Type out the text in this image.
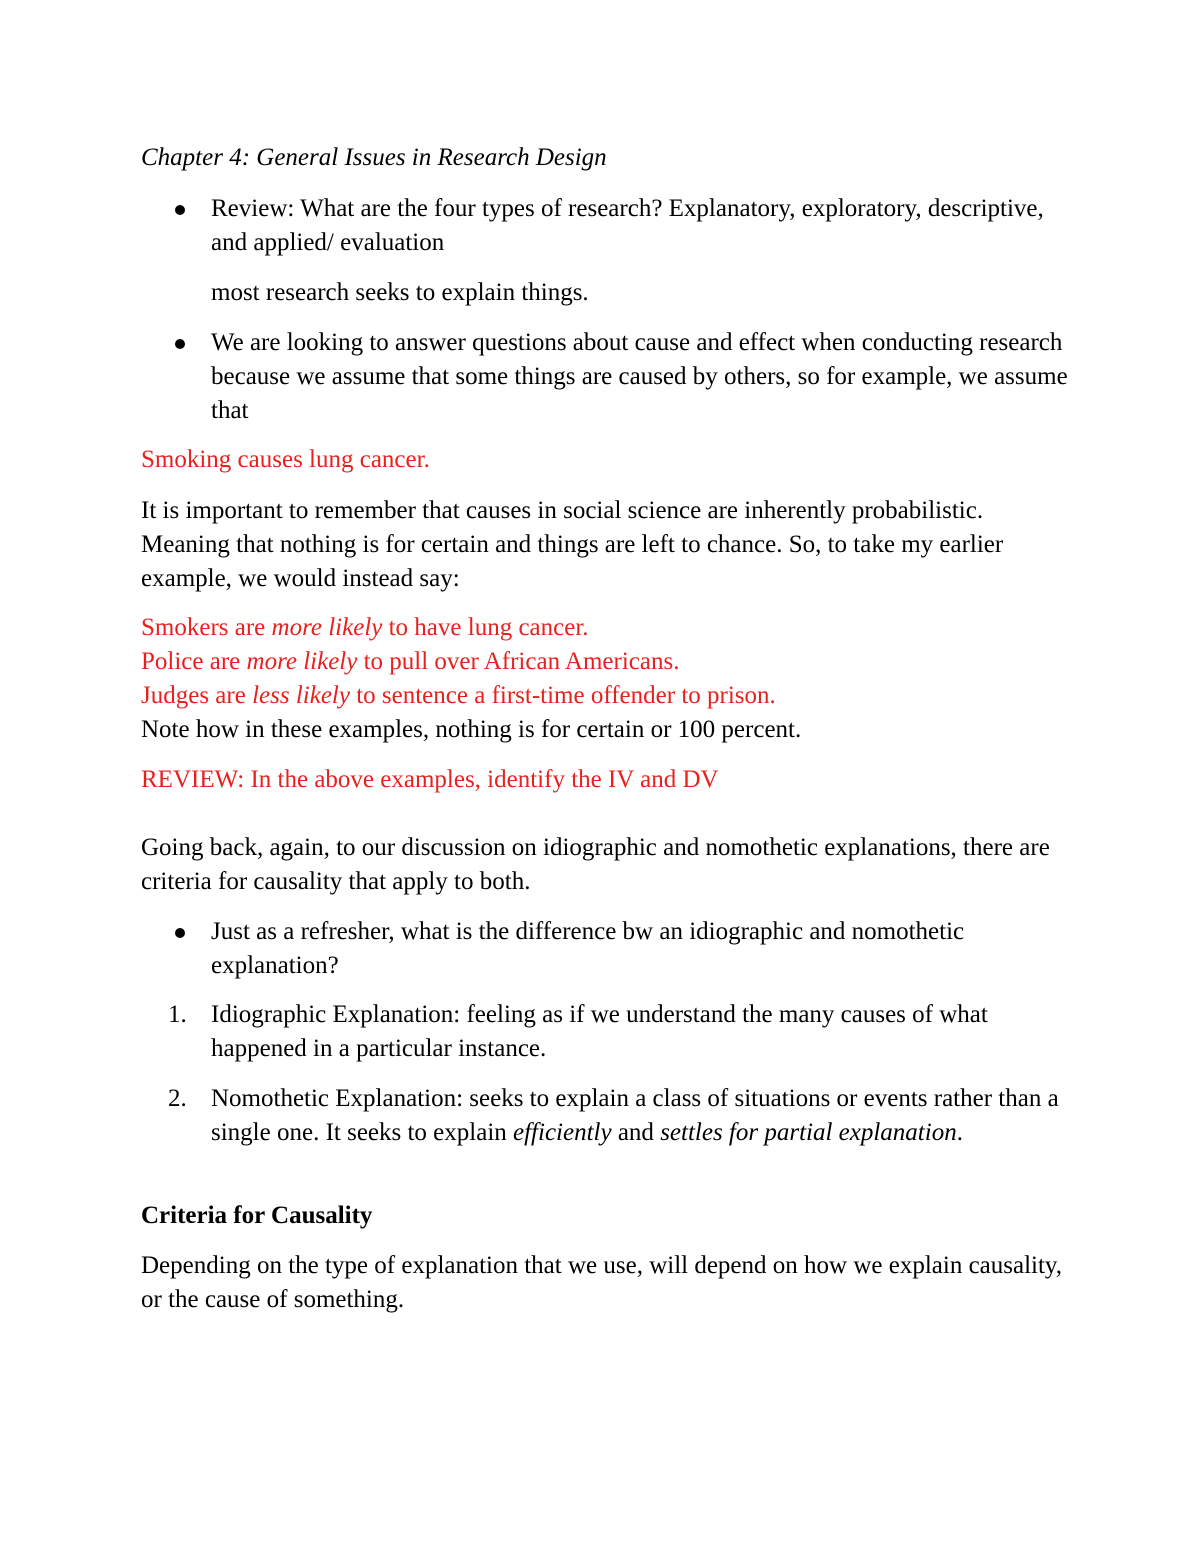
Chapter 4: General Issues in Research Design

Review: What are the four types of research? Explanatory, exploratory, descriptive, and applied/ evaluation

most research seeks to explain things.

We are looking to answer questions about cause and effect when conducting research because we assume that some things are caused by others, so for example, we assume that

Smoking causes lung cancer.

It is important to remember that causes in social science are inherently probabilistic. Meaning that nothing is for certain and things are left to chance. So, to take my earlier example, we would instead say:

Smokers are more likely to have lung cancer.

Police are more likely to pull over African Americans.

Judges are less likely to sentence a first-time offender to prison.

Note how in these examples, nothing is for certain or 100 percent.

REVIEW: In the above examples, identify the IV and DV

Going back, again, to our discussion on idiographic and nomothetic explanations, there are criteria for causality that apply to both.

Just as a refresher, what is the difference bw an idiographic and nomothetic explanation?

1. Idiographic Explanation: feeling as if we understand the many causes of what happened in a particular instance.

2. Nomothetic Explanation: seeks to explain a class of situations or events rather than a single one. It seeks to explain efficiently and settles for partial explanation.

Criteria for Causality

Depending on the type of explanation that we use, will depend on how we explain causality, or the cause of something.
